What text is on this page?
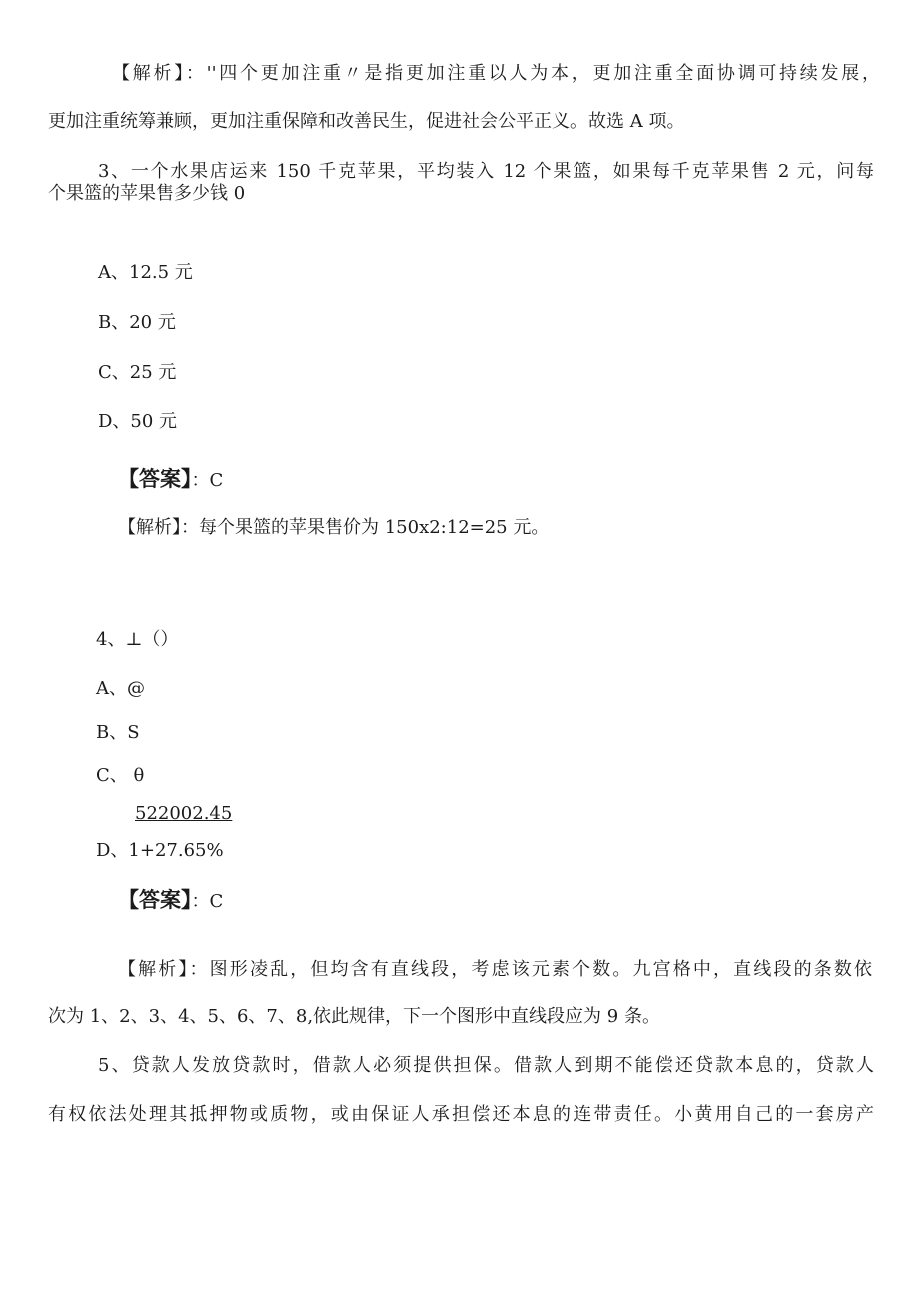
【解析】：''四个更加注重〃是指更加注重以人为本，更加注重全面协调可持续发展，
更加注重统筹兼顾，更加注重保障和改善民生，促进社会公平正义。故选 A 项。
3、一个水果店运来 150 千克苹果，平均装入 12 个果篮，如果每千克苹果售 2 元，问每
个果篮的苹果售多少钱 0
A、12.5 元
B、20 元
C、25 元
D、50 元
【答案】：C
【解析】：每个果篮的苹果售价为 150x2:12=25 元。
4、⊥（）
A、@
B、S
C、 θ
522002.45
D、1+27.65%
【答案】：C
【解析】：图形凌乱，但均含有直线段，考虑该元素个数。九宫格中，直线段的条数依
次为 1、2、3、4、5、6、7、8,依此规律，下一个图形中直线段应为 9 条。
5、贷款人发放贷款时，借款人必须提供担保。借款人到期不能偿还贷款本息的，贷款人
有权依法处理其抵押物或质物，或由保证人承担偿还本息的连带责任。小黄用自己的一套房产
